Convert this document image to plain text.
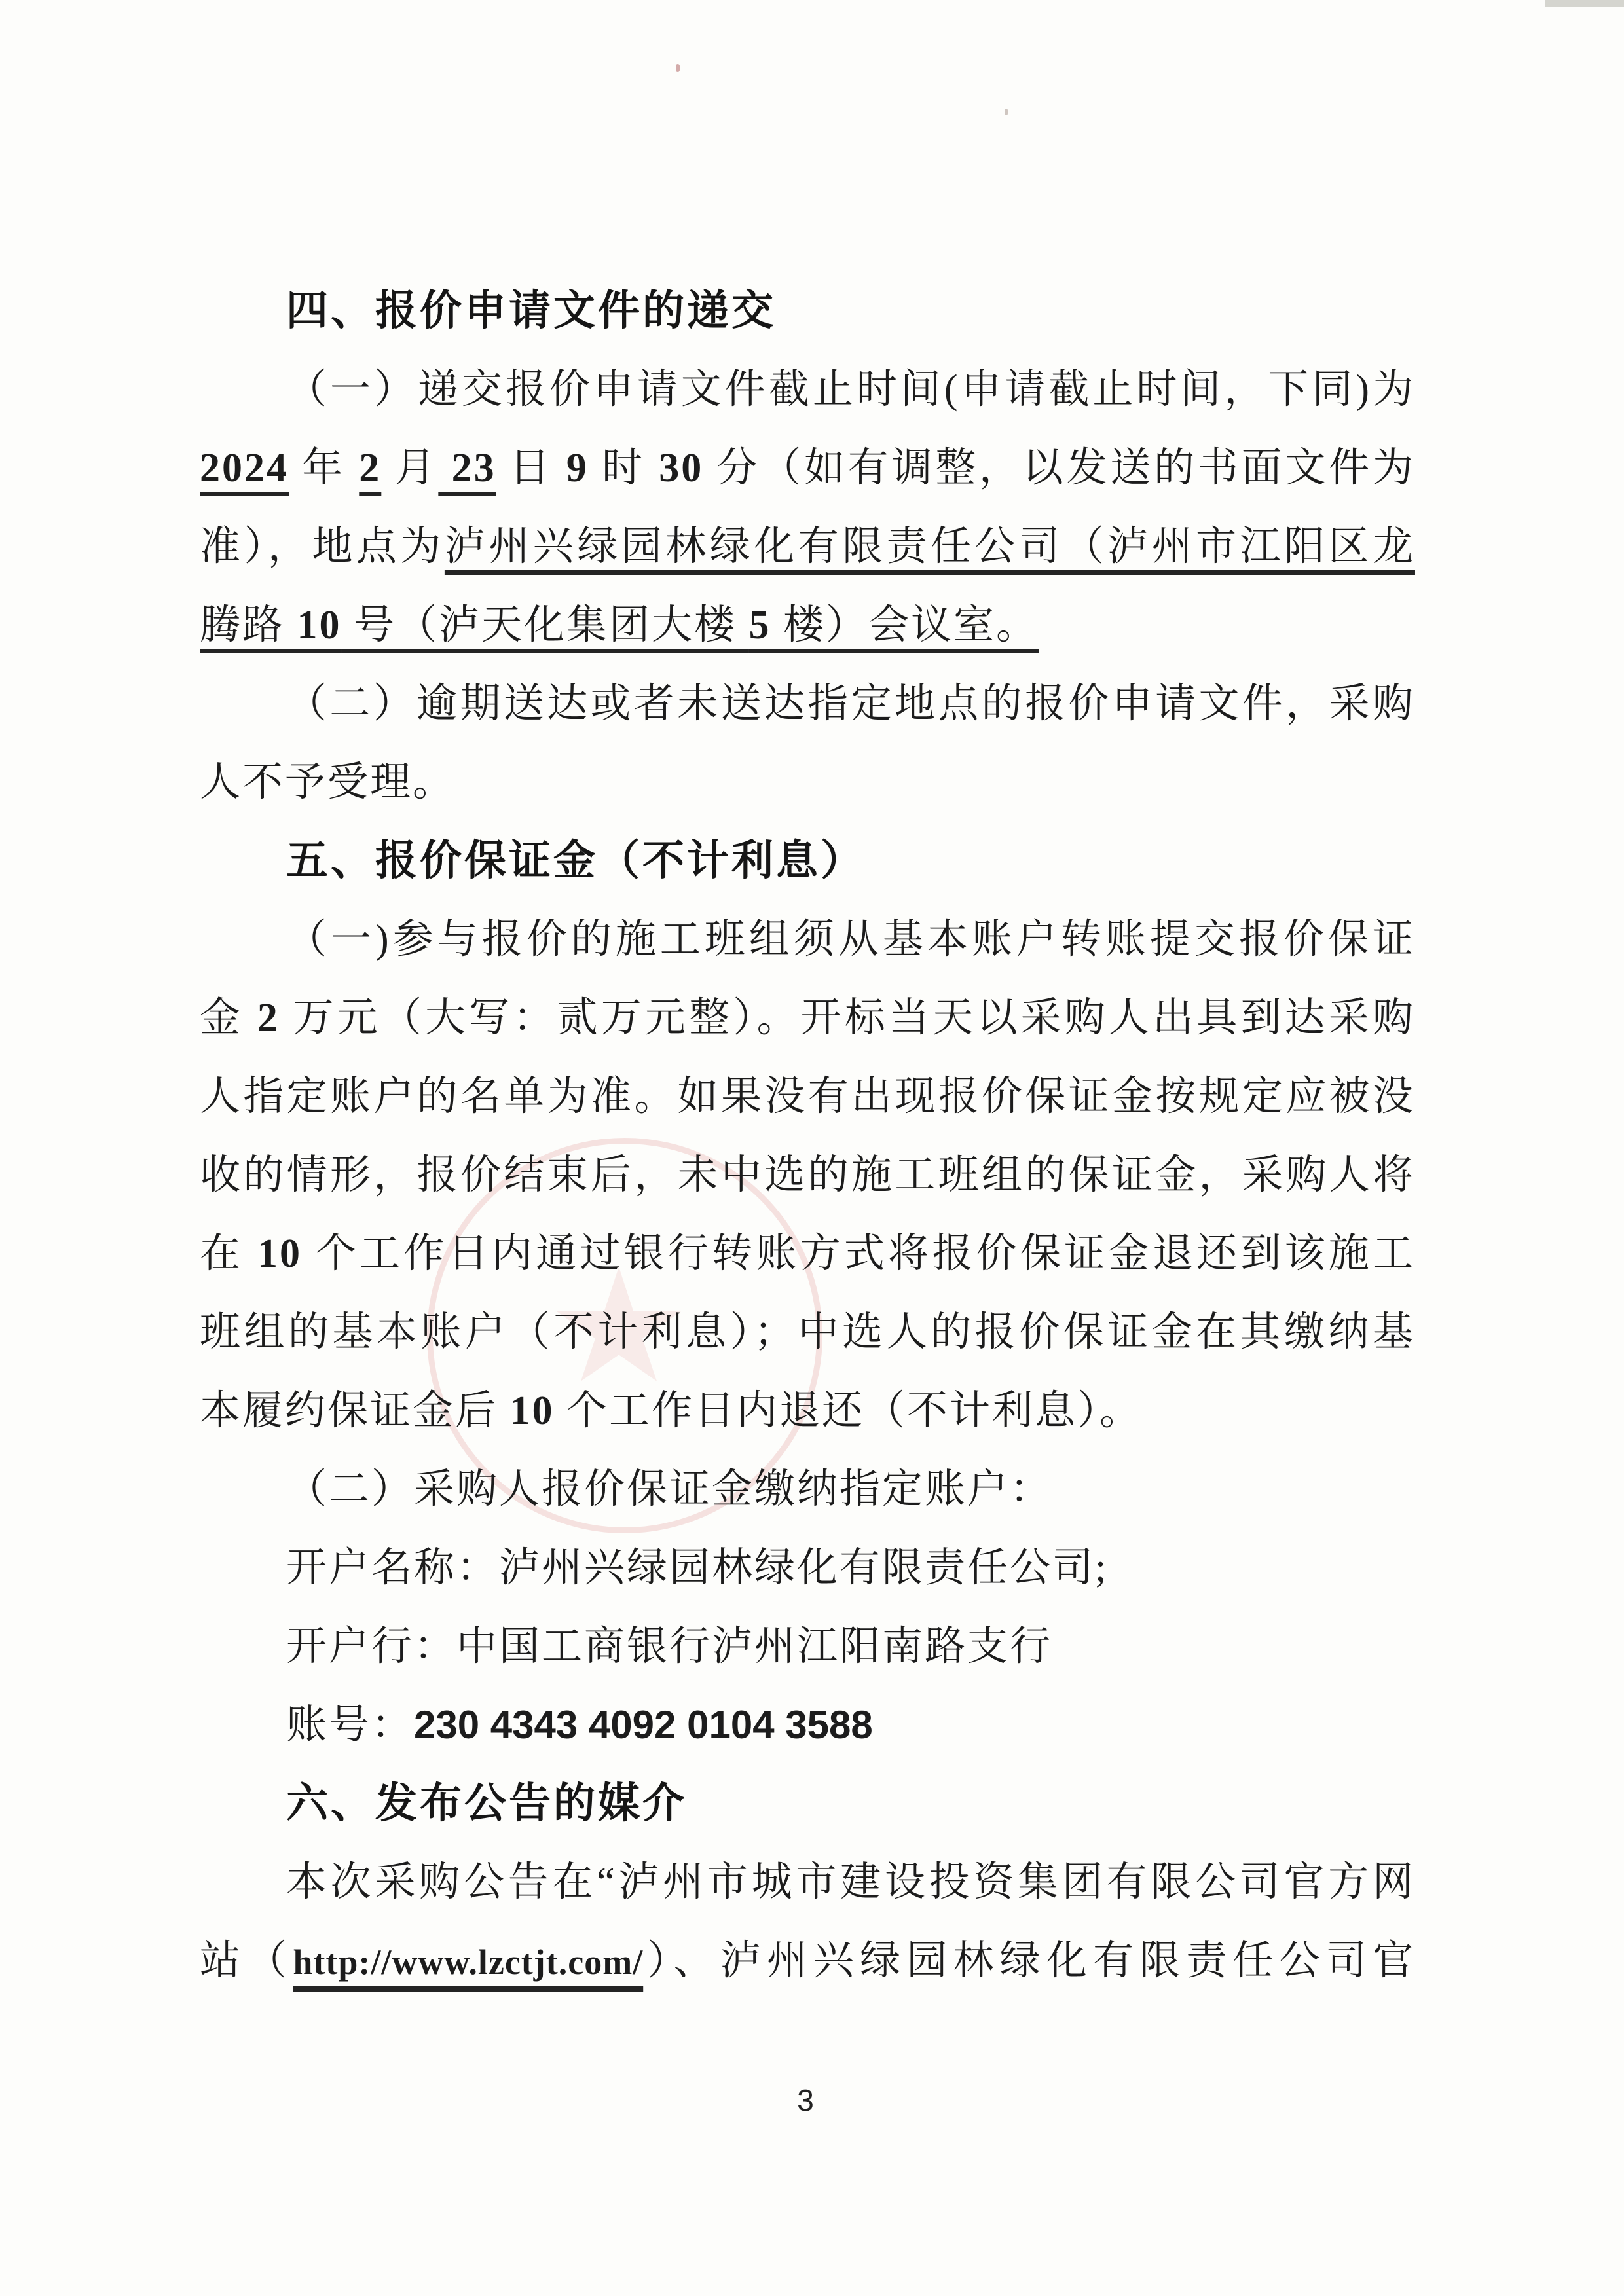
四、报价申请文件的递交
（一）递交报价申请文件截止时间(申请截止时间，下同)为
2024 年 2 月 23 日 9 时 30 分（如有调整，以发送的书面文件为
准），地点为泸州兴绿园林绿化有限责任公司（泸州市江阳区龙
腾路 10 号（泸天化集团大楼 5 楼）会议室。
（二）逾期送达或者未送达指定地点的报价申请文件，采购
人不予受理。
五、报价保证金（不计利息）
（一)参与报价的施工班组须从基本账户转账提交报价保证
金 2 万元（大写：贰万元整）。开标当天以采购人出具到达采购
人指定账户的名单为准。如果没有出现报价保证金按规定应被没
收的情形，报价结束后，未中选的施工班组的保证金，采购人将
在 10 个工作日内通过银行转账方式将报价保证金退还到该施工
班组的基本账户（不计利息）；中选人的报价保证金在其缴纳基
本履约保证金后 10 个工作日内退还（不计利息）。
（二）采购人报价保证金缴纳指定账户：
开户名称：泸州兴绿园林绿化有限责任公司;
开户行：中国工商银行泸州江阳南路支行
账号：230 4343 4092 0104 3588
六、发布公告的媒介
本次采购公告在“泸州市城市建设投资集团有限公司官方网
站（http://www.lzctjt.com/）、泸州兴绿园林绿化有限责任公司官
3
